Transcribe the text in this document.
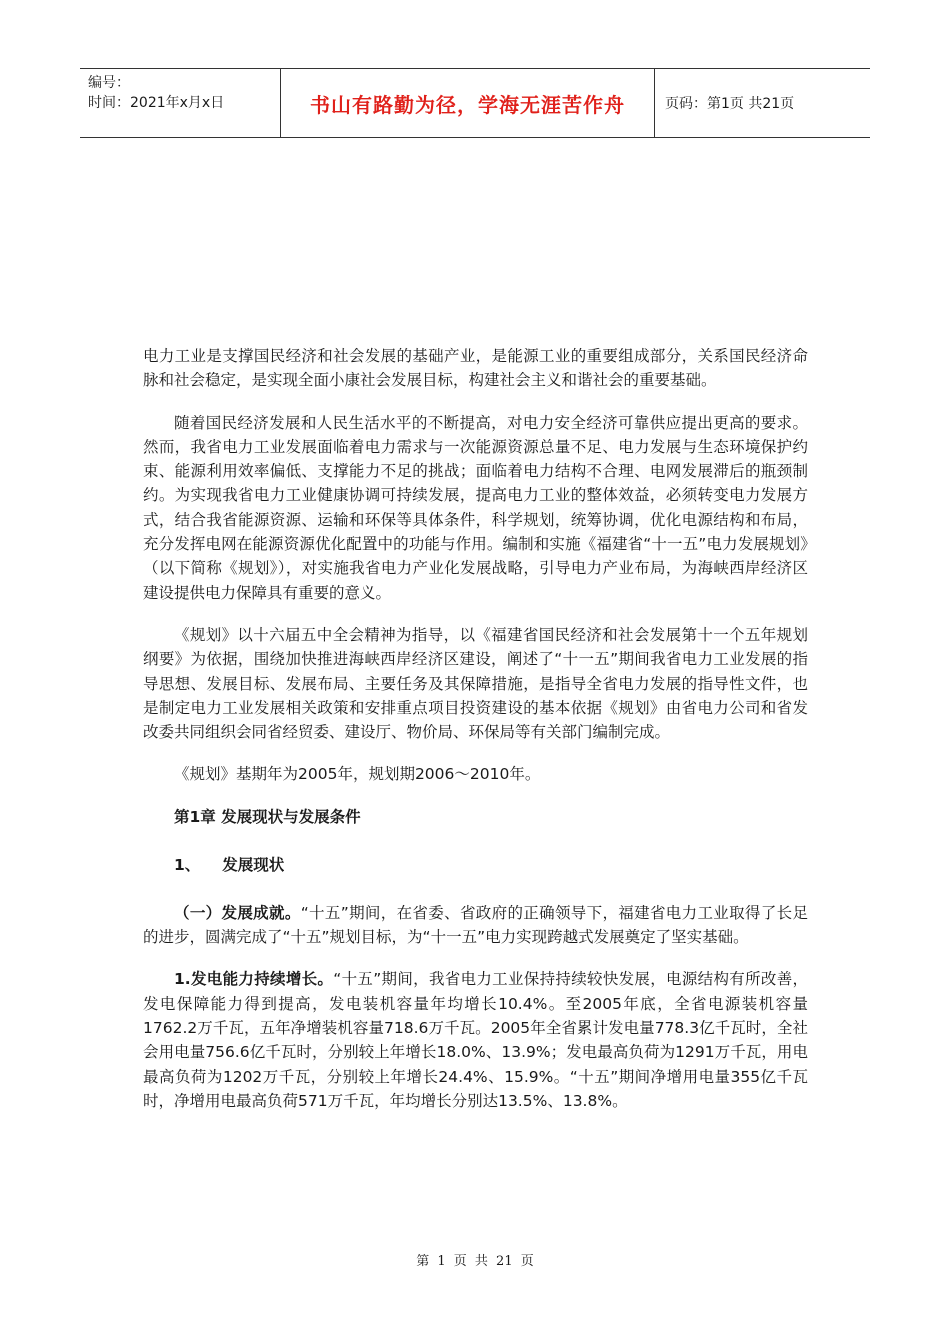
编号：
时间：2021年x月x日	书山有路勤为径，学海无涯苦作舟	页码：第1页 共21页

电力工业是支撑国民经济和社会发展的基础产业，是能源工业的重要组成部分，关系国民经济命脉和社会稳定，是实现全面小康社会发展目标，构建社会主义和谐社会的重要基础。

随着国民经济发展和人民生活水平的不断提高，对电力安全经济可靠供应提出更高的要求。然而，我省电力工业发展面临着电力需求与一次能源资源总量不足、电力发展与生态环境保护约束、能源利用效率偏低、支撑能力不足的挑战；面临着电力结构不合理、电网发展滞后的瓶颈制约。为实现我省电力工业健康协调可持续发展，提高电力工业的整体效益，必须转变电力发展方式，结合我省能源资源、运输和环保等具体条件，科学规划，统筹协调，优化电源结构和布局，充分发挥电网在能源资源优化配置中的功能与作用。编制和实施《福建省“十一五”电力发展规划》（以下简称《规划》），对实施我省电力产业化发展战略，引导电力产业布局，为海峡西岸经济区建设提供电力保障具有重要的意义。

《规划》以十六届五中全会精神为指导，以《福建省国民经济和社会发展第十一个五年规划纲要》为依据，围绕加快推进海峡西岸经济区建设，阐述了“十一五”期间我省电力工业发展的指导思想、发展目标、发展布局、主要任务及其保障措施，是指导全省电力发展的指导性文件，也是制定电力工业发展相关政策和安排重点项目投资建设的基本依据《规划》由省电力公司和省发改委共同组织会同省经贸委、建设厅、物价局、环保局等有关部门编制完成。

《规划》基期年为2005年，规划期2006～2010年。

第1章 发展现状与发展条件

1、 发展现状

（一）发展成就。“十五”期间，在省委、省政府的正确领导下，福建省电力工业取得了长足的进步，圆满完成了“十五”规划目标，为“十一五”电力实现跨越式发展奠定了坚实基础。

1.发电能力持续增长。“十五”期间，我省电力工业保持持续较快发展，电源结构有所改善，发电保障能力得到提高，发电装机容量年均增长10.4%。至2005年底，全省电源装机容量1762.2万千瓦，五年净增装机容量718.6万千瓦。2005年全省累计发电量778.3亿千瓦时，全社会用电量756.6亿千瓦时，分别较上年增长18.0%、13.9%；发电最高负荷为1291万千瓦，用电最高负荷为1202万千瓦，分别较上年增长24.4%、15.9%。“十五”期间净增用电量355亿千瓦时，净增用电最高负荷571万千瓦，年均增长分别达13.5%、13.8%。

第 1 页 共 21 页
